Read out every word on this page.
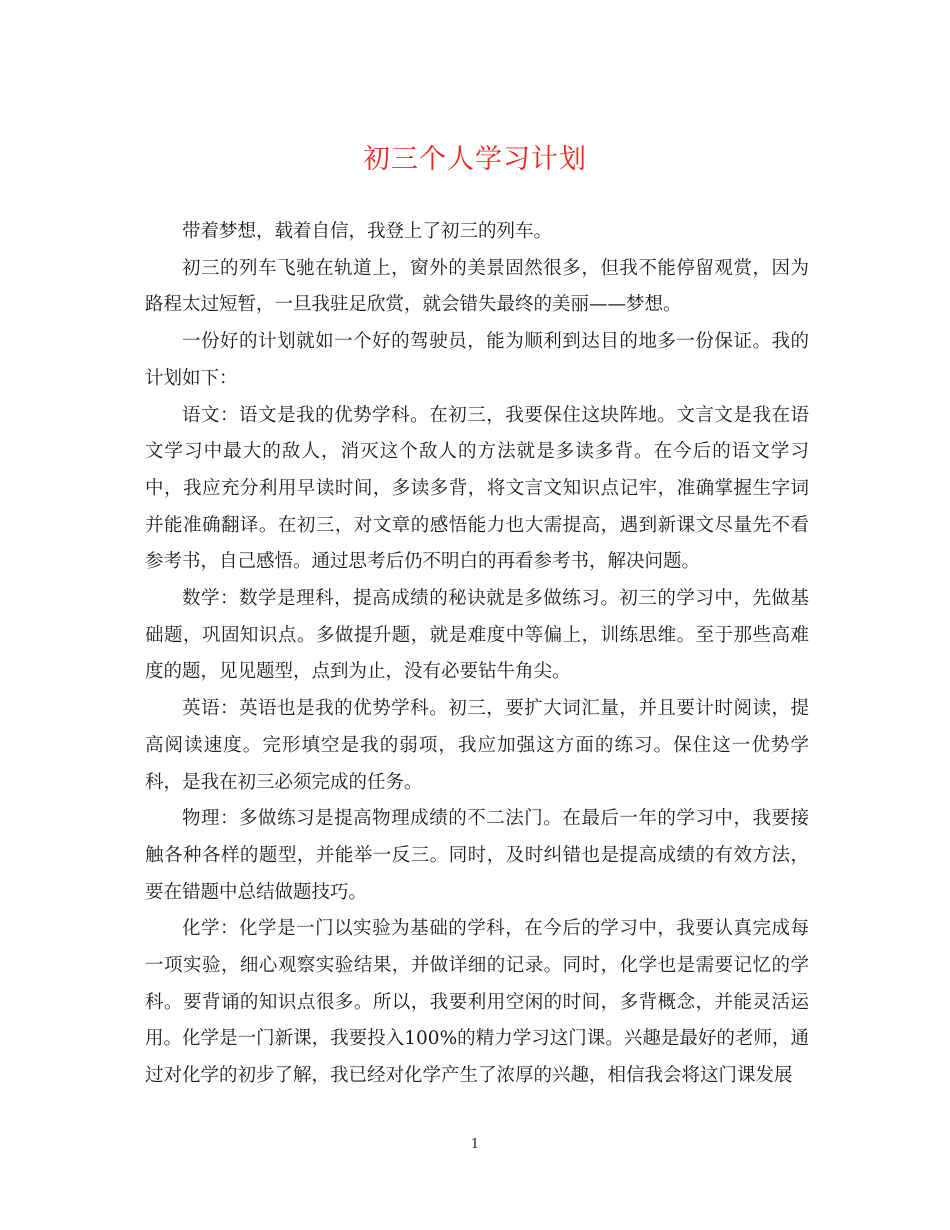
初三个人学习计划

带着梦想，载着自信，我登上了初三的列车。

初三的列车飞驰在轨道上，窗外的美景固然很多，但我不能停留观赏，因为路程太过短暂，一旦我驻足欣赏，就会错失最终的美丽——梦想。

一份好的计划就如一个好的驾驶员，能为顺利到达目的地多一份保证。我的计划如下：

语文：语文是我的优势学科。在初三，我要保住这块阵地。文言文是我在语文学习中最大的敌人，消灭这个敌人的方法就是多读多背。在今后的语文学习中，我应充分利用早读时间，多读多背，将文言文知识点记牢，准确掌握生字词并能准确翻译。在初三，对文章的感悟能力也大需提高，遇到新课文尽量先不看参考书，自己感悟。通过思考后仍不明白的再看参考书，解决问题。

数学：数学是理科，提高成绩的秘诀就是多做练习。初三的学习中，先做基础题，巩固知识点。多做提升题，就是难度中等偏上，训练思维。至于那些高难度的题，见见题型，点到为止，没有必要钻牛角尖。

英语：英语也是我的优势学科。初三，要扩大词汇量，并且要计时阅读，提高阅读速度。完形填空是我的弱项，我应加强这方面的练习。保住这一优势学科，是我在初三必须完成的任务。

物理：多做练习是提高物理成绩的不二法门。在最后一年的学习中，我要接触各种各样的题型，并能举一反三。同时，及时纠错也是提高成绩的有效方法，要在错题中总结做题技巧。

化学：化学是一门以实验为基础的学科，在今后的学习中，我要认真完成每一项实验，细心观察实验结果，并做详细的记录。同时，化学也是需要记忆的学科。要背诵的知识点很多。所以，我要利用空闲的时间，多背概念，并能灵活运用。化学是一门新课，我要投入100%的精力学习这门课。兴趣是最好的老师，通过对化学的初步了解，我已经对化学产生了浓厚的兴趣，相信我会将这门课发展

1
